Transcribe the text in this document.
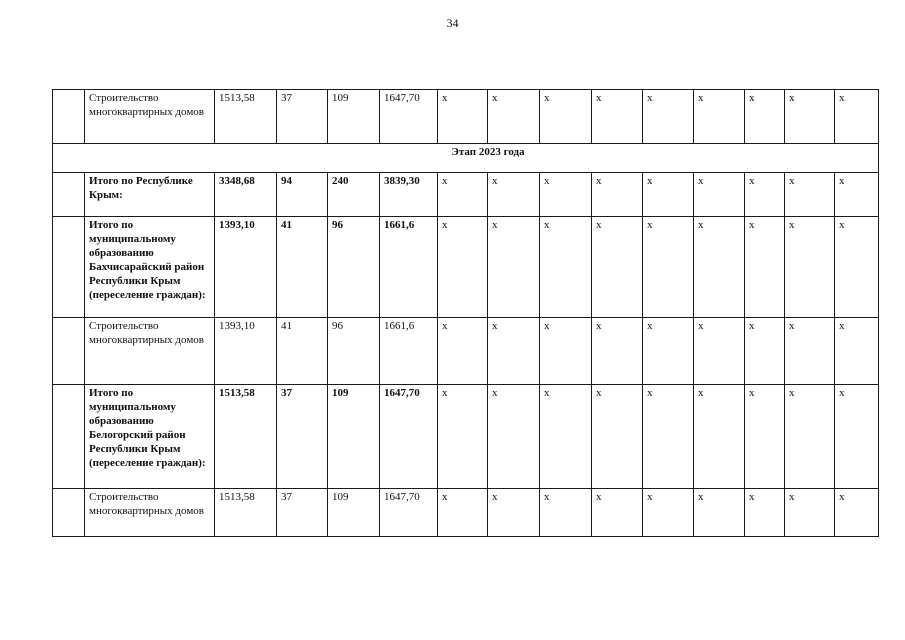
34
	Строительство многоквартирных домов	1513,58	37	109	1647,70	x	x	x	x	x	x	x	x	x
Этап 2023 года														
	Итого по Республике Крым:	3348,68	94	240	3839,30	x	x	x	x	x	x	x	x	x
	Итого по муниципальному образованию Бахчисарайский район Республики Крым (переселение граждан):	1393,10	41	96	1661,6	x	x	x	x	x	x	x	x	x
	Строительство многоквартирных домов	1393,10	41	96	1661,6	x	x	x	x	x	x	x	x	x
	Итого по муниципальному образованию Белогорский район Республики Крым (переселение граждан):	1513,58	37	109	1647,70	x	x	x	x	x	x	x	x	x
	Строительство многоквартирных домов	1513,58	37	109	1647,70	x	x	x	x	x	x	x	x	x
